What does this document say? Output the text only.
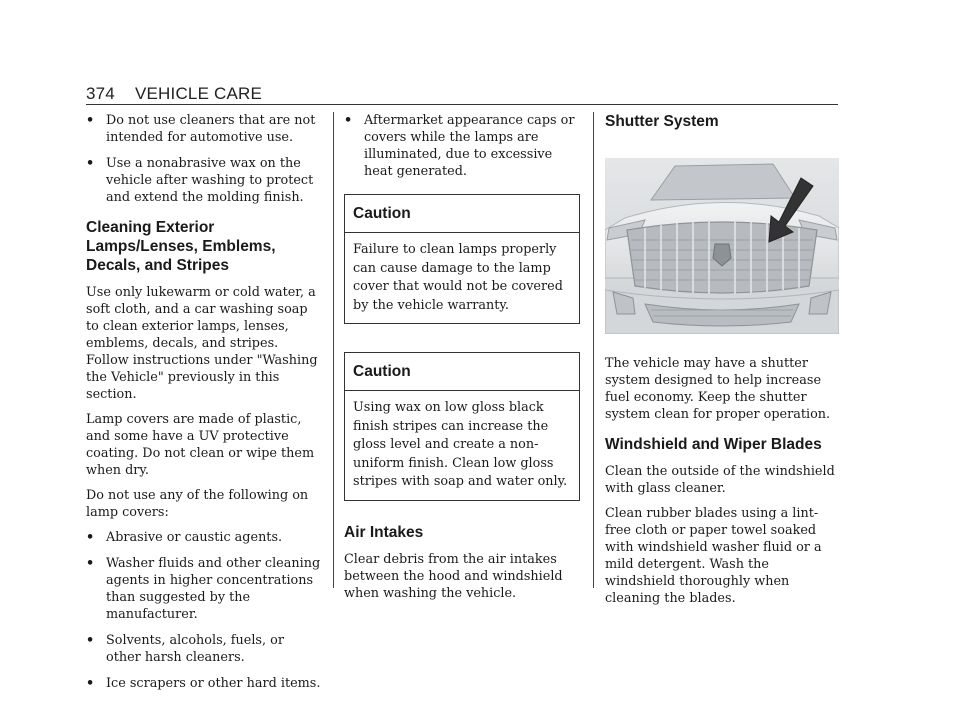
374 VEHICLE CARE
• Do not use cleaners that are not intended for automotive use.
• Use a nonabrasive wax on the vehicle after washing to protect and extend the molding finish.
Cleaning Exterior Lamps/Lenses, Emblems, Decals, and Stripes

Use only lukewarm or cold water, a soft cloth, and a car washing soap to clean exterior lamps, lenses, emblems, decals, and stripes. Follow instructions under "Washing the Vehicle" previously in this section.

Lamp covers are made of plastic, and some have a UV protective coating. Do not clean or wipe them when dry.

Do not use any of the following on lamp covers:

• Abrasive or caustic agents.
• Washer fluids and other cleaning agents in higher concentrations than suggested by the manufacturer.
• Solvents, alcohols, fuels, or other harsh cleaners.
• Ice scrapers or other hard items.
• Aftermarket appearance caps or covers while the lamps are illuminated, due to excessive heat generated.
Caution
Failure to clean lamps properly can cause damage to the lamp cover that would not be covered by the vehicle warranty.
Caution
Using wax on low gloss black finish stripes can increase the gloss level and create a non-uniform finish. Clean low gloss stripes with soap and water only.
Air Intakes

Clear debris from the air intakes between the hood and windshield when washing the vehicle.

Shutter System

The vehicle may have a shutter system designed to help increase fuel economy. Keep the shutter system clean for proper operation.

Windshield and Wiper Blades

Clean the outside of the windshield with glass cleaner.

Clean rubber blades using a lint-free cloth or paper towel soaked with windshield washer fluid or a mild detergent. Wash the windshield thoroughly when cleaning the blades.
